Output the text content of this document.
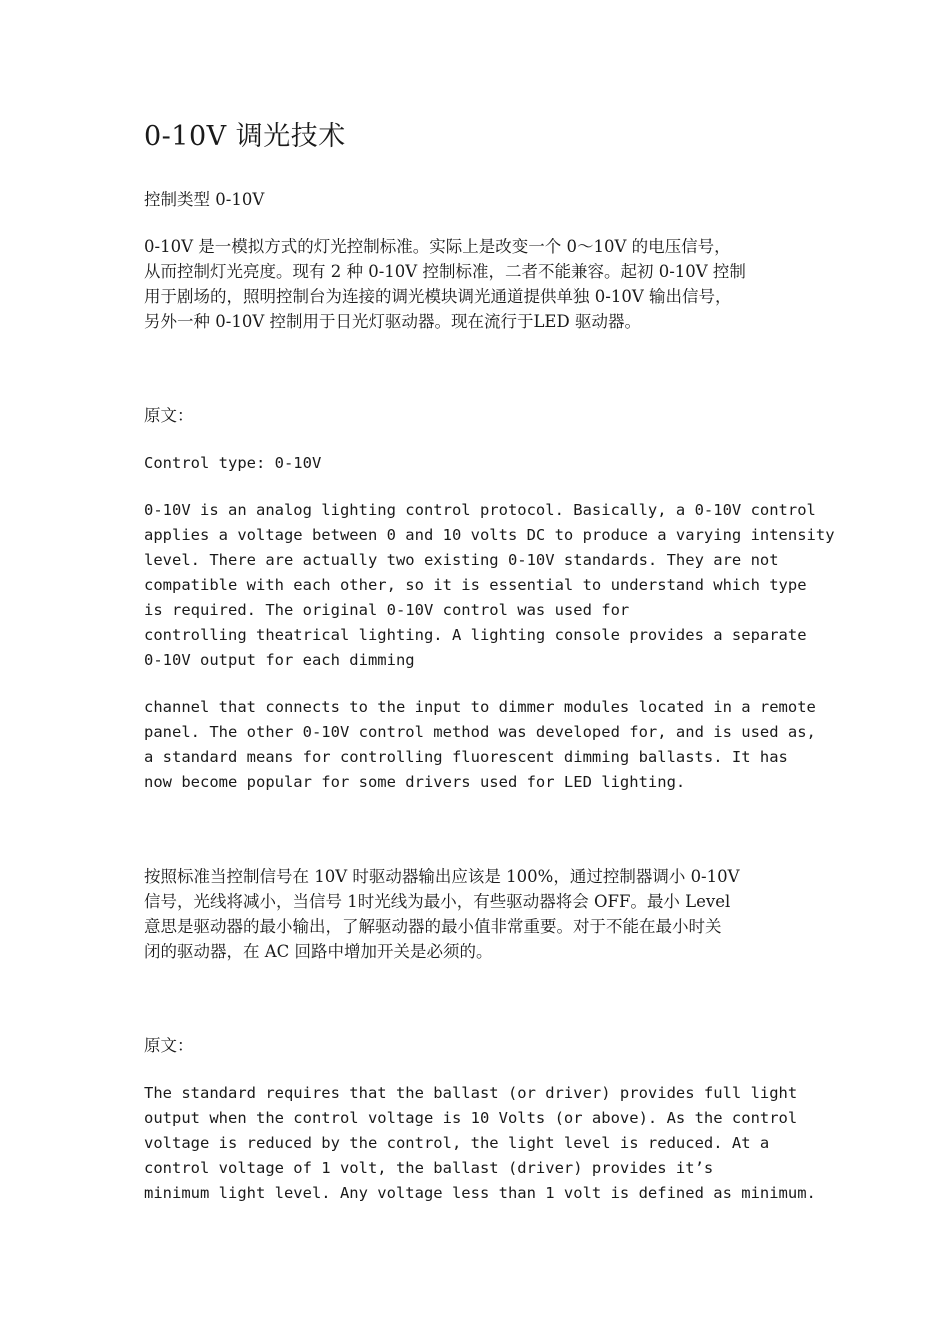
0-10V 调光技术

控制类型 0-10V

0-10V 是一模拟方式的灯光控制标准。实际上是改变一个 0～10V 的电压信号，

从而控制灯光亮度。现有 2 种 0-10V 控制标准，二者不能兼容。起初 0-10V 控制

用于剧场的，照明控制台为连接的调光模块调光通道提供单独 0-10V 输出信号，

另外一种 0-10V 控制用于日光灯驱动器。现在流行于LED 驱动器。

原文：

Control type: 0-10V

0-10V is an analog lighting control protocol. Basically, a 0-10V control

applies a voltage between 0 and 10 volts DC to produce a varying intensity

level. There are actually two existing 0-10V standards. They are not

compatible with each other, so it is essential to understand which type

is required. The original 0-10V control was used for

controlling theatrical lighting. A lighting console provides a separate

0-10V output for each dimming

channel that connects to the input to dimmer modules located in a remote

panel. The other 0-10V control method was developed for, and is used as,

a standard means for controlling fluorescent dimming ballasts. It has

now become popular for some drivers used for LED lighting.

按照标准当控制信号在 10V 时驱动器输出应该是 100%，通过控制器调小 0-10V

信号，光线将减小，当信号 1时光线为最小，有些驱动器将会 OFF。最小 Level

意思是驱动器的最小输出，了解驱动器的最小值非常重要。对于不能在最小时关

闭的驱动器，在 AC 回路中增加开关是必须的。

原文：

The standard requires that the ballast (or driver) provides full light

output when the control voltage is 10 Volts (or above). As the control

voltage is reduced by the control, the light level is reduced. At a

control voltage of 1 volt, the ballast (driver) provides it’s

minimum light level. Any voltage less than 1 volt is defined as minimum.
